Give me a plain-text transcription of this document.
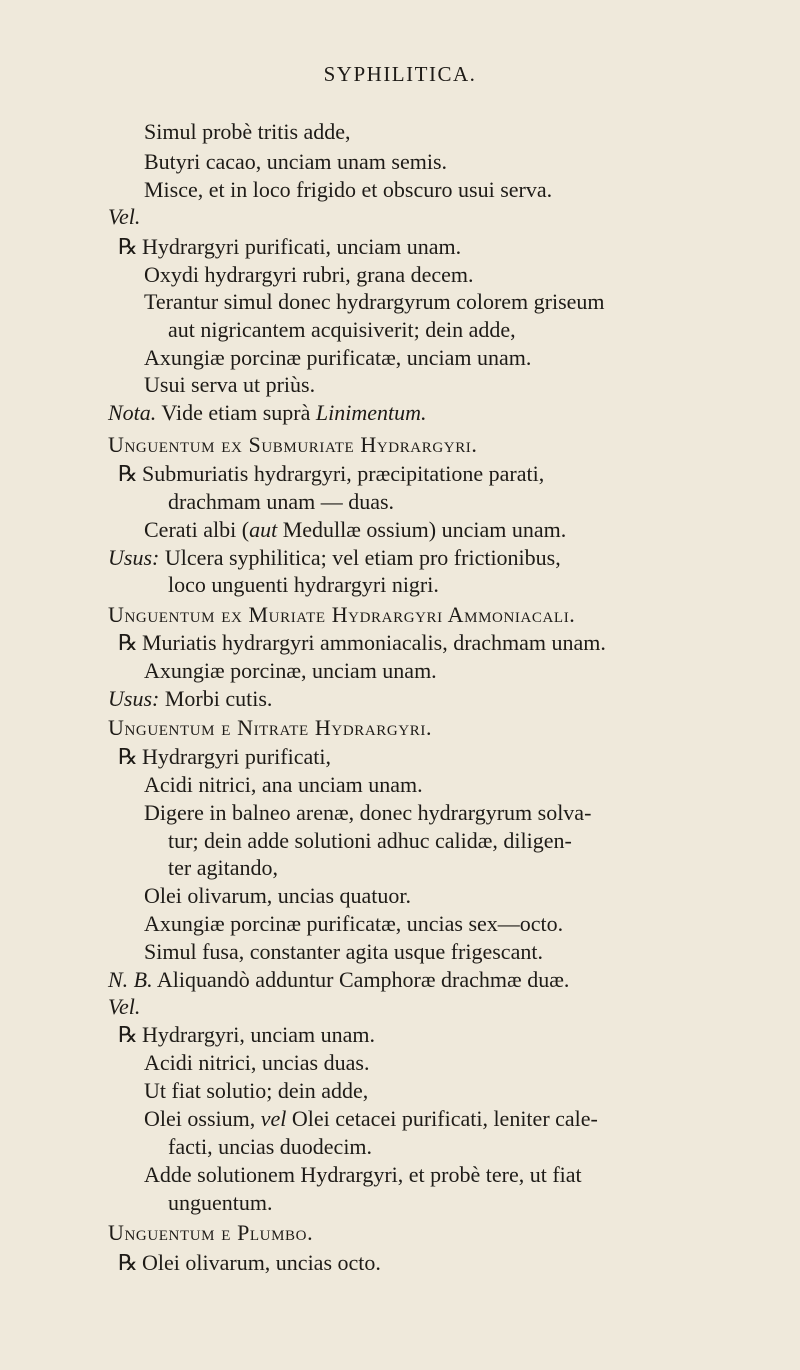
SYPHILITICA.
Simul probè tritis adde,
Butyri cacao, unciam unam semis.
Misce, et in loco frigido et obscuro usui serva.
Vel.
℞ Hydrargyri purificati, unciam unam.
Oxydi hydrargyri rubri, grana decem.
Terantur simul donec hydrargyrum colorem griseum
aut nigricantem acquisiverit; dein adde,
Axungiæ porcinæ purificatæ, unciam unam.
Usui serva ut priùs.
Nota. Vide etiam suprà Linimentum.
Unguentum ex Submuriate Hydrargyri.
℞ Submuriatis hydrargyri, præcipitatione parati,
drachmam unam — duas.
Cerati albi (aut Medullæ ossium) unciam unam.
Usus: Ulcera syphilitica; vel etiam pro frictionibus,
loco unguenti hydrargyri nigri.
Unguentum ex Muriate Hydrargyri Ammoniacali.
℞ Muriatis hydrargyri ammoniacalis, drachmam unam.
Axungiæ porcinæ, unciam unam.
Usus: Morbi cutis.
Unguentum e Nitrate Hydrargyri.
℞ Hydrargyri purificati,
Acidi nitrici, ana unciam unam.
Digere in balneo arenæ, donec hydrargyrum solva-
tur; dein adde solutioni adhuc calidæ, diligen-
ter agitando,
Olei olivarum, uncias quatuor.
Axungiæ porcinæ purificatæ, uncias sex—octo.
Simul fusa, constanter agita usque frigescant.
N. B. Aliquandò adduntur Camphoræ drachmæ duæ.
Vel.
℞ Hydrargyri, unciam unam.
Acidi nitrici, uncias duas.
Ut fiat solutio; dein adde,
Olei ossium, vel Olei cetacei purificati, leniter cale-
facti, uncias duodecim.
Adde solutionem Hydrargyri, et probè tere, ut fiat
unguentum.
Unguentum e Plumbo.
℞ Olei olivarum, uncias octo.
